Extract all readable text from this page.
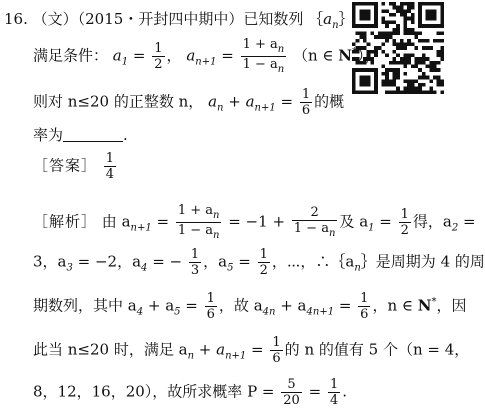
16. （文）（2015・开封四中期中）已知数列 $\{a_n\}$
满足条件： $a_1 = \frac{1}{2}$ ， $a_{n+1} = \frac{1 + a_n}{1 - a_n} (n$ ∈ N*），
则对 n≤20 的正整数 n， $a_n + a_{n+1} = \frac{1}{6}$ 的概
率为	.
［答案］ $\frac{1}{4}$
［解析］ 由 $a_{n+1} = \frac{1 + a_n}{1 - a_n} = -1 + \frac{2}{1 - a_n}$ 及 $a_1 = \frac{1}{2}$ 得，$a_2$ =
3，$a_3 = -2$，$a_4$ = − $\frac{1}{3}$ ，$a_5 = \frac{1}{2}$ ，⋯，$\therefore\{a_n\}$是周期为 4 的周
期数列，其中 $a_4 + a_5 = \frac{1}{6}$ ，故 $a_{4n} + a_{4n+1} = \frac{1}{6}$ ，n ∈ N*，因
此当 n≤20 时，满足 $a_n + a_{n+1} = \frac{1}{6}$ 的 n 的值有 5 个（n = 4，
8，12，16，20），故所求概率 $P = \frac{5}{20} = \frac{1}{4}$ .
